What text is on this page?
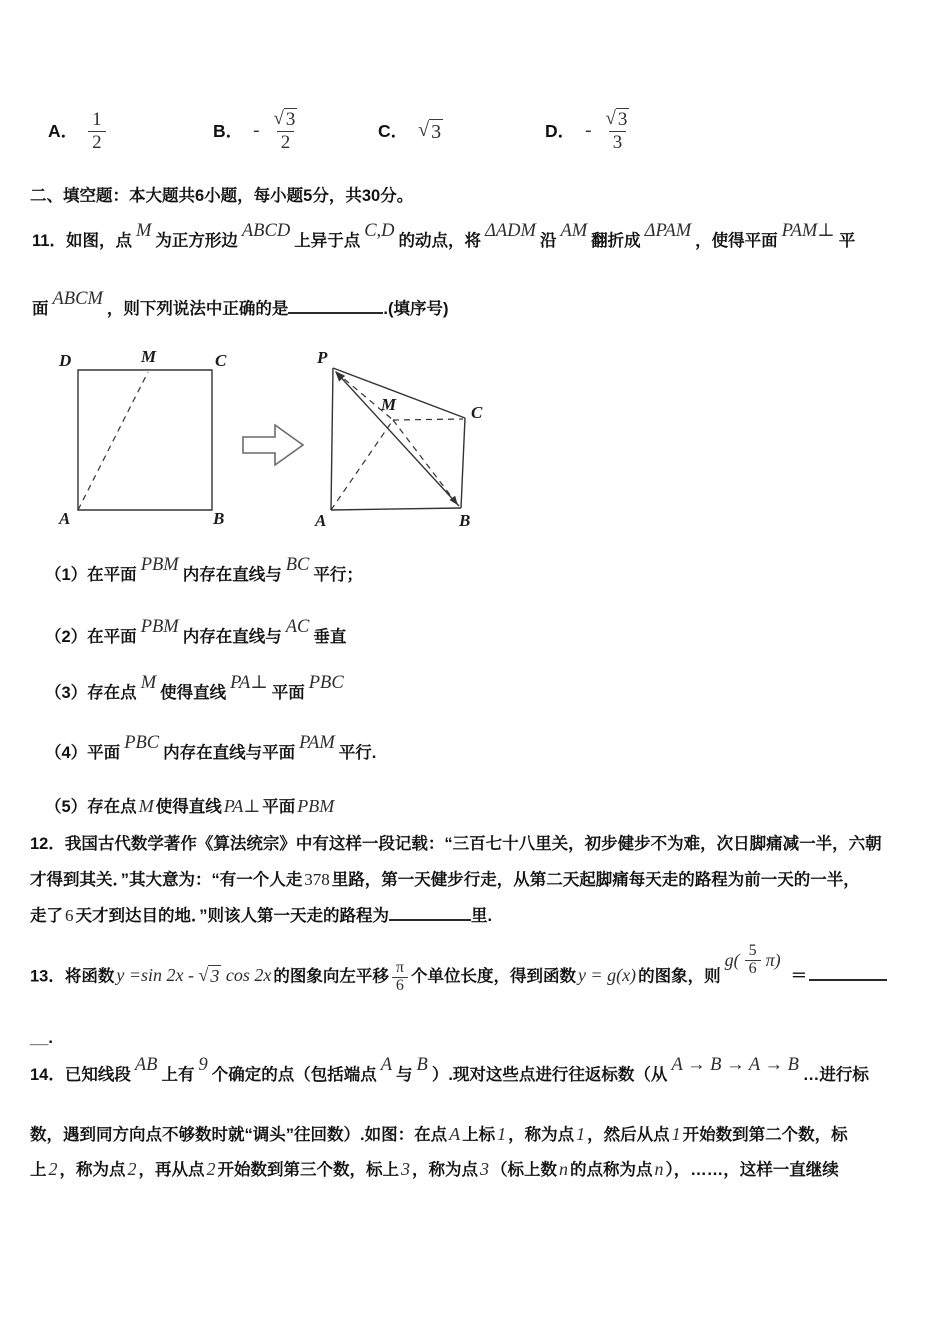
A． $\frac{1}{2}$	B． - $\frac{√ 3}{2}$	C． √ 3	D． - $\frac{√ 3}{3}$
二、填空题：本大题共6小题，每小题5分，共30分。
11．如图，点 M 为正方形边 ABCD 上异于点 C,D 的动点，将 ΔADM 沿 AM 翻折成 ΔPAM ，使得平面 PAM⊥ 平
面 ABCM ，则下列说法中正确的是	.(填序号)
D	M	C
A	B
P
M	C
A	B
（1）在平面 PBM 内存在直线与 BC 平行；
（2）在平面 PBM 内存在直线与 AC 垂直
（3）存在点 M 使得直线 PA⊥ 平面 PBC
（4）平面 PBC 内存在直线与平面 PAM 平行.
（5）存在点 M 使得直线 PA⊥ 平面 PBM
12．我国古代数学著作《算法统宗》中有这样一段记载：“三百七十八里关，初步健步不为难，次日脚痛减一半，六朝
才得到其关．”其大意为：“有一个人走 378 里路，第一天健步行走，从第二天起脚痛每天走的路程为前一天的一半，
走了 6 天才到达目的地．”则该人第一天走的路程为	里.
13．将函数 y =sin 2x - √ 3 cos 2x 的图象向左平移 $\frac{\pi}{6}$ 个单位长度，得到函数 y = g(x) 的图象，则
$g( \frac{5}{6} \pi)$
＝
__.
14．已知线段 AB 上有 9 个确定的点（包括端点 A 与 B ）.现对这些点进行往返标数（从 A → B → A → B …进行标
数，遇到同方向点不够数时就“调头”往回数）.如图：在点 A 上标 1 ，称为点 1 ，然后从点 1 开始数到第二个数，标
上 2 ，称为点 2 ，再从点 2 开始数到第三个数，标上 3 ，称为点 3 （标上数 n 的点称为点 n ），……，这样一直继续
